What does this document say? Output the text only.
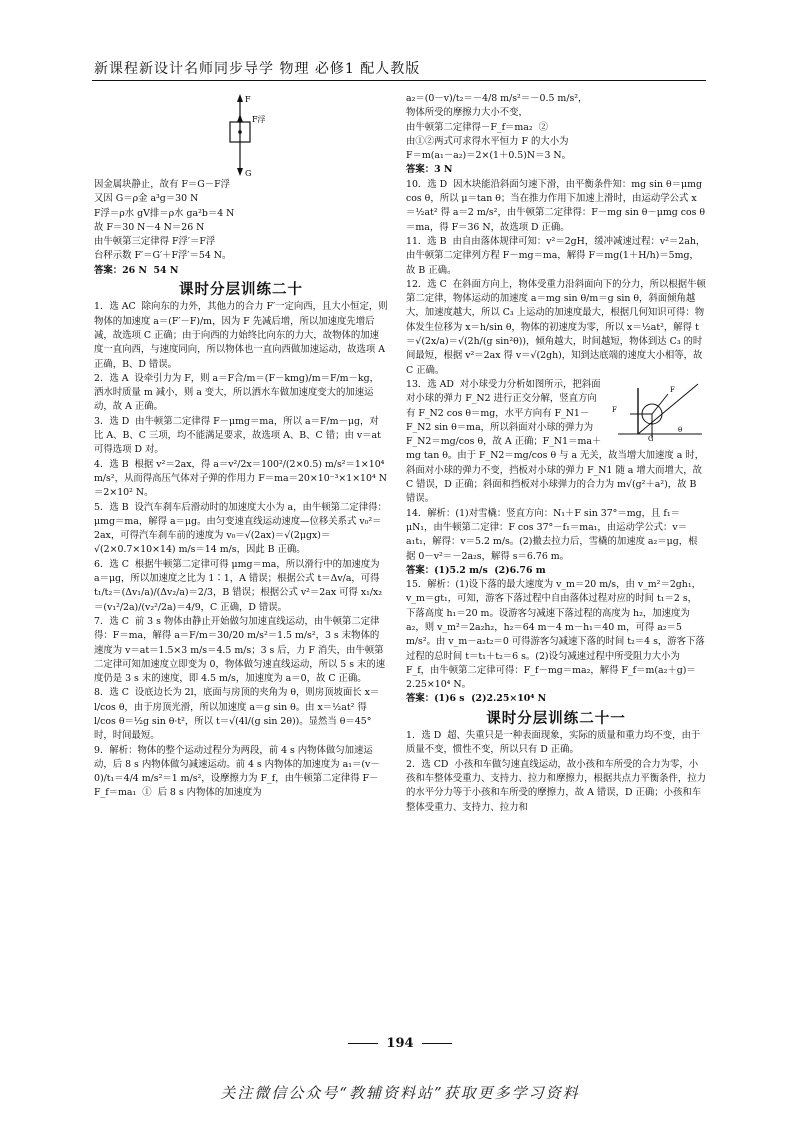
新课程新设计名师同步导学 物理 必修1 配人教版
F
F浮
G

因金属块静止，故有 F＝G－F浮

又因 G＝ρ金 a³g＝30 N

F浮＝ρ水 gV排＝ρ水 ga²b＝4 N

故 F＝30 N－4 N＝26 N

由牛顿第三定律得 F浮′＝F浮

台秤示数 F′＝G′＋F浮′＝54 N。

答案：26 N  54 N

课时分层训练二十

1．选 AC  除向东的力外，其他力的合力 F′一定向西，且大小恒定，则物体的加速度 a＝(F′－F)/m，因为 F 先减后增，所以加速度先增后减，故选项 C 正确；由于向西的力始终比向东的力大，故物体的加速度一直向西，与速度同向，所以物体也一直向西做加速运动，故选项 A 正确，B、D 错误。

2．选 A  设牵引力为 F，则 a＝F合/m＝(F－kmg)/m＝F/m－kg，洒水时质量 m 减小，则 a 变大，所以洒水车做加速度变大的加速运动，故 A 正确。

3．选 D  由牛顿第二定律得 F－μmg＝ma，所以 a＝F/m－μg，对比 A、B、C 三项，均不能满足要求，故选项 A、B、C 错；由 v＝at 可得选项 D 对。

4．选 B  根据 v²＝2ax，得 a＝v²/2x＝100²/(2×0.5) m/s²＝1×10⁴ m/s²，从而得高压气体对子弹的作用力 F＝ma＝20×10⁻³×1×10⁴ N＝2×10² N。

5．选 B  设汽车刹车后滑动时的加速度大小为 a，由牛顿第二定律得：μmg＝ma，解得 a＝μg。由匀变速直线运动速度—位移关系式 v₀²＝2ax，可得汽车刹车前的速度为 v₀＝√(2ax)＝√(2μgx)＝√(2×0.7×10×14) m/s＝14 m/s，因此 B 正确。

6．选 C  根据牛顿第二定律可得 μmg＝ma，所以滑行中的加速度为 a＝μg，所以加速度之比为 1∶1，A 错误；根据公式 t＝Δv/a，可得 t₁/t₂＝(Δv₁/a)/(Δv₂/a)＝2/3，B 错误；根据公式 v²＝2ax 可得 x₁/x₂＝(v₁²/2a)/(v₂²/2a)＝4/9，C 正确，D 错误。

7．选 C  前 3 s 物体由静止开始做匀加速直线运动，由牛顿第二定律得：F＝ma，解得 a＝F/m＝30/20 m/s²＝1.5 m/s²，3 s 末物体的速度为 v＝at＝1.5×3 m/s＝4.5 m/s；3 s 后，力 F 消失，由牛顿第二定律可知加速度立即变为 0，物体做匀速直线运动，所以 5 s 末的速度仍是 3 s 末的速度，即 4.5 m/s，加速度为 a＝0，故 C 正确。

8．选 C  设底边长为 2l，底面与房顶的夹角为 θ，则房顶坡面长 x＝l/cos θ，由于房顶光滑，所以加速度 a＝g sin θ。由 x＝½at² 得 l/cos θ＝½g sin θ·t²，所以 t＝√(4l/(g sin 2θ))。显然当 θ＝45°时，时间最短。

9．解析：物体的整个运动过程分为两段，前 4 s 内物体做匀加速运动，后 8 s 内物体做匀减速运动。前 4 s 内物体的加速度为 a₁＝(v－0)/t₁＝4/4 m/s²＝1 m/s²，设摩擦力为 F_f，由牛顿第二定律得 F－F_f＝ma₁  ①  后 8 s 内物体的加速度为

a₂＝(0－v)/t₂＝－4/8 m/s²＝－0.5 m/s²，

物体所受的摩擦力大小不变，

由牛顿第二定律得－F_f＝ma₂  ②

由①②两式可求得水平恒力 F 的大小为

F＝m(a₁－a₂)＝2×(1＋0.5)N＝3 N。

答案：3 N

10．选 D  因木块能沿斜面匀速下滑，由平衡条件知：mg sin θ＝μmg cos θ，所以 μ＝tan θ；当在推力作用下加速上滑时，由运动学公式 x＝½at² 得 a＝2 m/s²，由牛顿第二定律得：F－mg sin θ－μmg cos θ＝ma，得 F＝36 N，故选项 D 正确。

11．选 B  由自由落体规律可知：v²＝2gH，缓冲减速过程：v²＝2ah，由牛顿第二定律列方程 F－mg＝ma，解得 F＝mg(1＋H/h)＝5mg，故 B 正确。

12．选 C  在斜面方向上，物体受重力沿斜面向下的分力，所以根据牛顿第二定律，物体运动的加速度 a＝mg sin θ/m＝g sin θ，斜面倾角越大，加速度越大，所以 C₃ 上运动的加速度最大，根据几何知识可得：物体发生位移为 x＝h/sin θ，物体的初速度为零，所以 x＝½at²，解得 t＝√(2x/a)＝√(2h/(g sin²θ))，倾角越大，时间越短，物体到达 C₃ 的时间最短，根据 v²＝2ax 得 v＝√(2gh)，知到达底端的速度大小相等，故 C 正确。

F
F
G
θ

13．选 AD  对小球受力分析如图所示，把斜面对小球的弹力 F_N2 进行正交分解，竖直方向有 F_N2 cos θ＝mg，水平方向有 F_N1－F_N2 sin θ＝ma，所以斜面对小球的弹力为 F_N2＝mg/cos θ，故 A 正确；F_N1＝ma＋mg tan θ。由于 F_N2＝mg/cos θ 与 a 无关，故当增大加速度 a 时，斜面对小球的弹力不变，挡板对小球的弹力 F_N1 随 a 增大而增大，故 C 错误，D 正确；斜面和挡板对小球弹力的合力为 m√(g²＋a²)，故 B 错误。

14．解析：(1)对雪橇：竖直方向：N₁＋F sin 37°＝mg，且 f₁＝μN₁，由牛顿第二定律：F cos 37°－f₁＝ma₁，由运动学公式：v＝a₁t₁，解得：v＝5.2 m/s。(2)撤去拉力后，雪橇的加速度 a₂＝μg，根据 0－v²＝－2a₂s，解得 s＝6.76 m。

答案：(1)5.2 m/s  (2)6.76 m

15．解析：(1)设下落的最大速度为 v_m＝20 m/s，由 v_m²＝2gh₁，v_m＝gt₁，可知，游客下落过程中自由落体过程对应的时间 t₁＝2 s，下落高度 h₁＝20 m。设游客匀减速下落过程的高度为 h₂，加速度为 a₂，则 v_m²＝2a₂h₂，h₂＝64 m－4 m－h₁＝40 m，可得 a₂＝5 m/s²。由 v_m－a₂t₂＝0 可得游客匀减速下落的时间 t₂＝4 s，游客下落过程的总时间 t＝t₁＋t₂＝6 s。(2)设匀减速过程中所受阻力大小为 F_f，由牛顿第二定律可得：F_f－mg＝ma₂，解得 F_f＝m(a₂＋g)＝2.25×10⁴ N。

答案：(1)6 s  (2)2.25×10⁴ N

课时分层训练二十一

1．选 D  超、失重只是一种表面现象，实际的质量和重力均不变，由于质量不变，惯性不变，所以只有 D 正确。

2．选 CD  小孩和车做匀速直线运动，故小孩和车所受的合力为零，小孩和车整体受重力、支持力、拉力和摩擦力，根据共点力平衡条件，拉力的水平分力等于小孩和车所受的摩擦力，故 A 错误，D 正确；小孩和车整体受重力、支持力、拉力和

194
关注微信公众号“教辅资料站”获取更多学习资料
